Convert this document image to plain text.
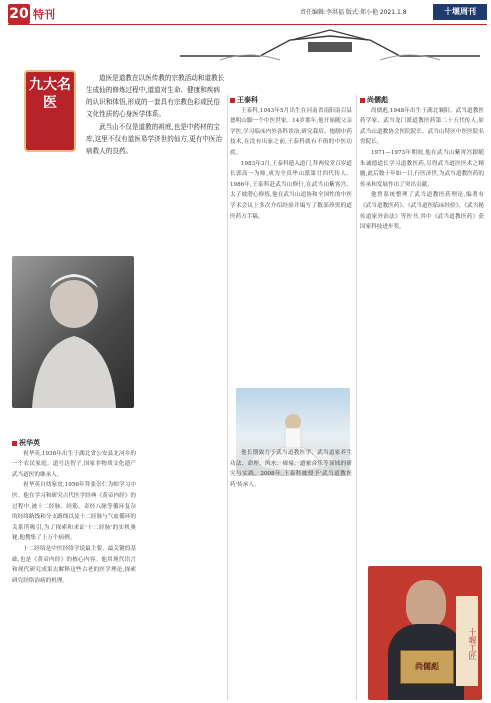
20 特刊	责任编辑:李洪福 版式:郑小艳 2021.1.8	十堰周刊
九大名医

道医是道教在以医传教的宗教活动和道教长生成仙的修炼过程中,道道对生命、健康和疾病的认识和体悟,形成的一套具有宗教色彩或民俗文化性质的心身医学体系。

武当山不仅是道教的祖庭,也是中药材的宝库,这里不仅有道医易学济世的仙方,更有中医治病救人的良药。

祝华英

祝华英,1938年出生于湖北省公安县北河乡的一个农民家庭。道号达智子,国家非物质文化遗产武当道医的继承人。

祝华英自幼家贫,1956年拜张崇仁为师学习中医。他在学习和研究古代医学经典《黄帝内经》的过程中,被十二经脉、经筋、奇经八脉等循环复杂的经络路线和分支路线以及十二经脉与气血循环的关系所吸引,为了探索和求证'十二经脉'的实机奥秘,他搜集了上万个病例。

十二经络是中医经络学说最主要、最关键的基础,也是《黄帝内经》的核心内容。他用现代语言和现代研究成果去解释这些古老的医学理论,探索研究经络治病的机理。

王泰科

王泰科,1943年5月出生在河南省南阳南召县德明山脚一个中医世家。14岁那年,他开始随父亲学医,学习临床内外各科诊治,研究栽培、炮制中药技术,在没有出家之前,王泰科就有不俗的中医功底。

1983年3月,王泰科遁入道门,拜两仪堂百岁道长郭高一为师,成为全真华山派第廿四代传人。1986年,王泰科赴武当山修行,在武当山紫霄宫、太子坡潜心修炼,他在武当山道协和全国性的中医学术会议上多次介绍经验并编写了数部珍贵的道医药方手稿。

他长期致力于武当道教医学、武当道家养生功法、命理、风水、周易、道家音乐等领域的研究与实践。2008年,王泰科被授予'武当道教医药'传承人。

尚儒彪

尚儒彪,1948年出生于湖北襄阳。武当道教医药学家、武当龙门派道教医药第二十五代传人,原武当山道教协会医院院长、武当山特区中医医院名誉院长。

1971—1973年期间,他在武当山紫霄宫跟随朱诚德道长学习道教医药,尽得武当道医医术之精髓,此后数十年如一日,行医济世,为武当道教医药的传承和发展作出了突出贡献。

他曾系统整理了武当道教医药理论,编著有《武当道教医药》、《武当道医临床经验》、《武当秘传道家外治法》等医书,其中《武当道教医药》获国家科技进步奖。

尚儒彪
十堰工匠
